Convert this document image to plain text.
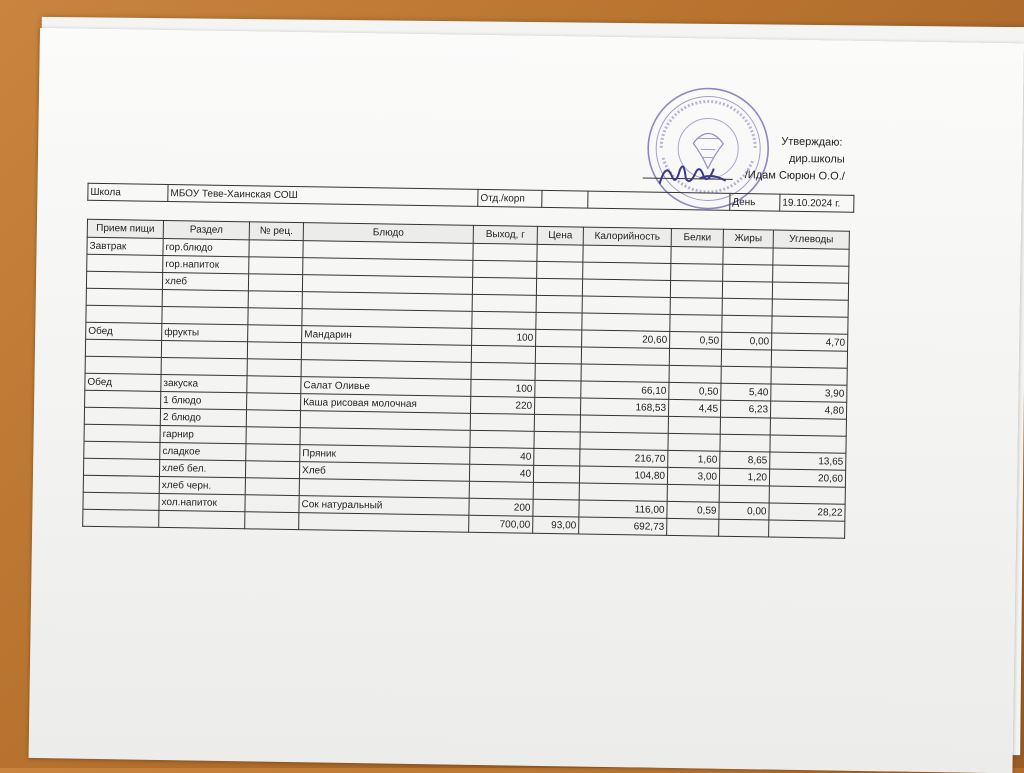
Утверждаю:
дир.школы
/Идам Сюрюн О.О./
Школа	МБОУ Теве-Хаинская СОШ	Отд./корп			День	19.10.2024 г.
Прием пищи	Раздел	№ рец.	Блюдо	Выход, г	Цена	Калорийность	Белки	Жиры	Углеводы
Завтрак	гор.блюдо								
	гор.напиток								
	хлеб								

Обед	фрукты		Мандарин	100		20,60	0,50	0,00	4,70

Обед	закуска		Салат Оливье	100		66,10	0,50	5,40	3,90
	1 блюдо		Каша рисовая молочная	220		168,53	4,45	6,23	4,80
	2 блюдо								
	гарнир								
	сладкое		Пряник	40		216,70	1,60	8,65	13,65
	хлеб бел.		Хлеб	40		104,80	3,00	1,20	20,60
	хлеб черн.								
	хол.напиток		Сок натуральный	200		116,00	0,59	0,00	28,22
				700,00	93,00	692,73			
